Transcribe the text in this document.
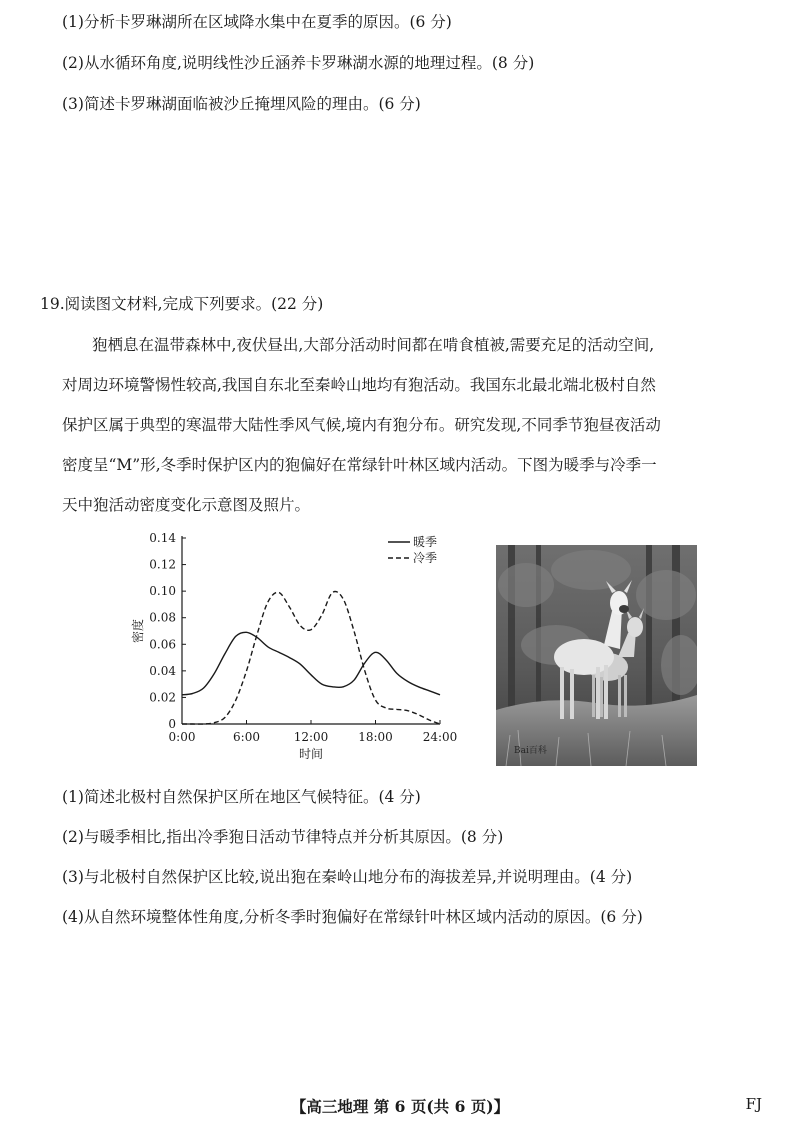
(1)分析卡罗琳湖所在区域降水集中在夏季的原因。(6 分)
(2)从水循环角度,说明线性沙丘涵养卡罗琳湖水源的地理过程。(8 分)
(3)简述卡罗琳湖面临被沙丘掩埋风险的理由。(6 分)
19.阅读图文材料,完成下列要求。(22 分)
狍栖息在温带森林中,夜伏昼出,大部分活动时间都在啃食植被,需要充足的活动空间,
对周边环境警惕性较高,我国自东北至秦岭山地均有狍活动。我国东北最北端北极村自然
保护区属于典型的寒温带大陆性季风气候,境内有狍分布。研究发现,不同季节狍昼夜活动
密度呈“M”形,冬季时保护区内的狍偏好在常绿针叶林区域内活动。下图为暖季与冷季一
天中狍活动密度变化示意图及照片。
0
0.02
0.04
0.06
0.08
0.10
0.12
0.14
0:00	6:00	12:00 18:00 24:00
时间
密度
暖季
冷季
Bai百科
(1)简述北极村自然保护区所在地区气候特征。(4 分)
(2)与暖季相比,指出冷季狍日活动节律特点并分析其原因。(8 分)
(3)与北极村自然保护区比较,说出狍在秦岭山地分布的海拔差异,并说明理由。(4 分)
(4)从自然环境整体性角度,分析冬季时狍偏好在常绿针叶林区域内活动的原因。(6 分)
【高三地理 第 6 页(共 6 页)】	FJ
